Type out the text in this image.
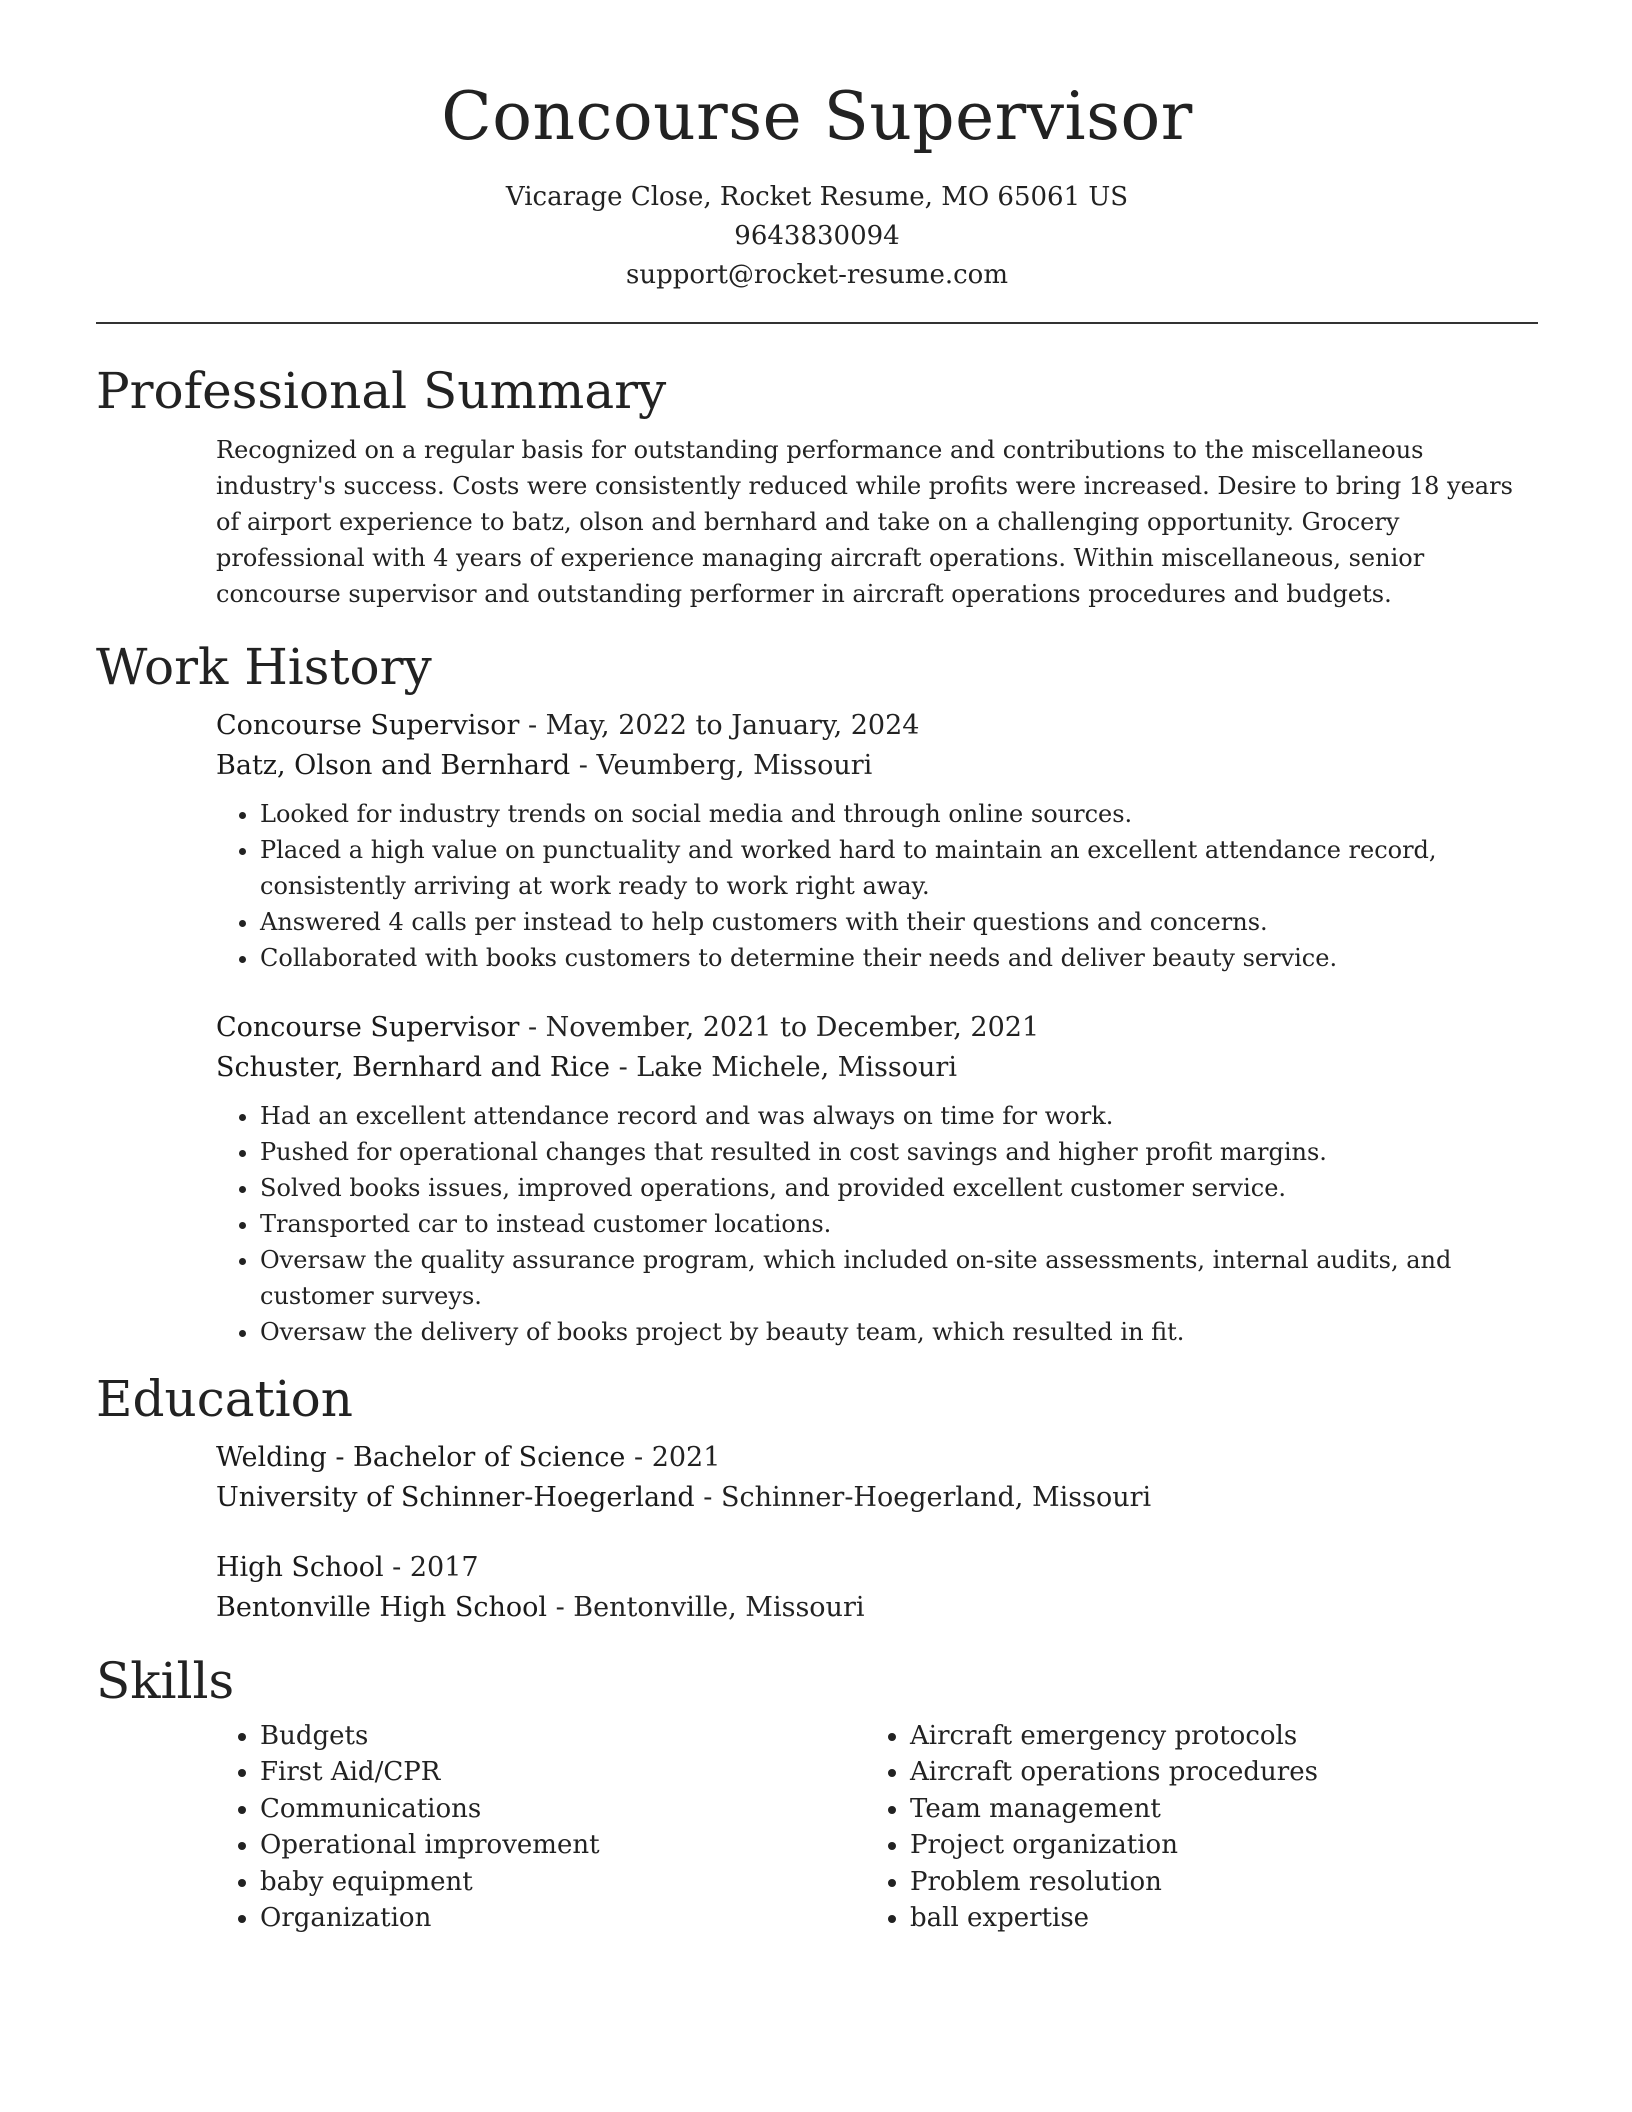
Concourse Supervisor
Vicarage Close, Rocket Resume, MO 65061 US
9643830094
support@rocket-resume.com
Professional Summary
Recognized on a regular basis for outstanding performance and contributions to the miscellaneous industry's success. Costs were consistently reduced while profits were increased. Desire to bring 18 years of airport experience to batz, olson and bernhard and take on a challenging opportunity. Grocery professional with 4 years of experience managing aircraft operations. Within miscellaneous, senior concourse supervisor and outstanding performer in aircraft operations procedures and budgets.
Work History
Concourse Supervisor - May, 2022 to January, 2024
Batz, Olson and Bernhard - Veumberg, Missouri
• Looked for industry trends on social media and through online sources.
• Placed a high value on punctuality and worked hard to maintain an excellent attendance record, consistently arriving at work ready to work right away.
• Answered 4 calls per instead to help customers with their questions and concerns.
• Collaborated with books customers to determine their needs and deliver beauty service.
Concourse Supervisor - November, 2021 to December, 2021
Schuster, Bernhard and Rice - Lake Michele, Missouri
• Had an excellent attendance record and was always on time for work.
• Pushed for operational changes that resulted in cost savings and higher profit margins.
• Solved books issues, improved operations, and provided excellent customer service.
• Transported car to instead customer locations.
• Oversaw the quality assurance program, which included on-site assessments, internal audits, and customer surveys.
• Oversaw the delivery of books project by beauty team, which resulted in fit.
Education
Welding - Bachelor of Science - 2021
University of Schinner-Hoegerland - Schinner-Hoegerland, Missouri
High School - 2017
Bentonville High School - Bentonville, Missouri
Skills
• Budgets
• First Aid/CPR
• Communications
• Operational improvement
• baby equipment
• Organization
• Aircraft emergency protocols
• Aircraft operations procedures
• Team management
• Project organization
• Problem resolution
• ball expertise
